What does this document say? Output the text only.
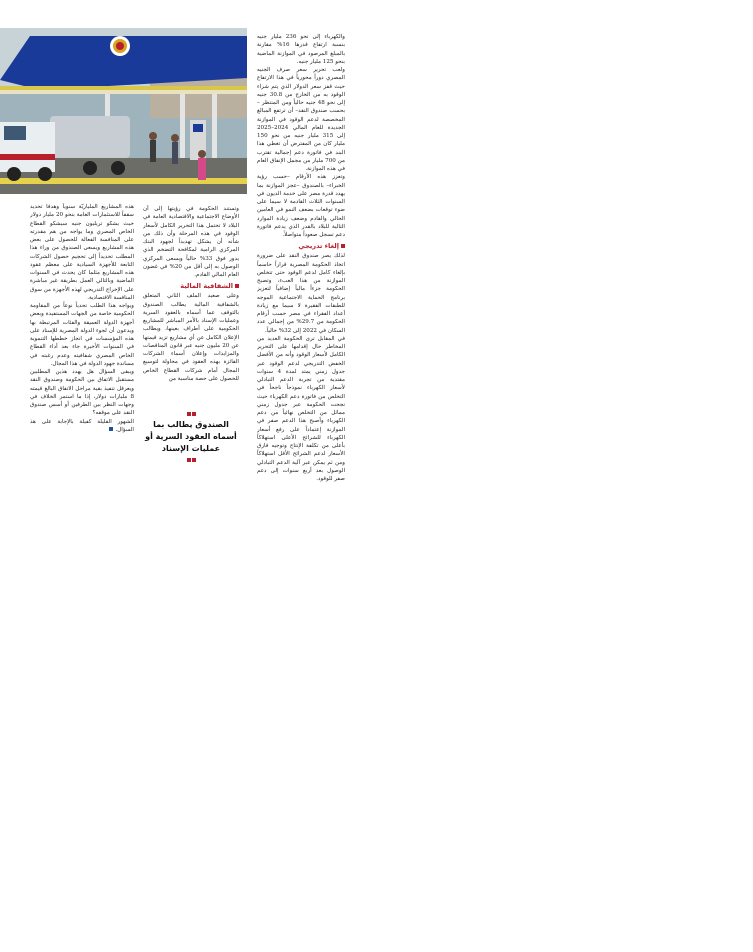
والكهرباء إلى نحو 236 مليار جنيه بنسبة ارتفاع قدرها 16% مقارنة بالمبلغ المرصود في الموازنة الماضية بنحو 125 مليار جنيه.

ولعب تحرير سعر صرف الجنيه المصري دوراً محورياً في هذا الارتفاع حيث قفز سعر الدولار الذي يتم شراء الوقود به من الخارج من 30.8 جنيه إلى نحو 48 جنيه حالياً ومن المنتظر –بحسب صندوق النقد– أن ترتفع المبالغ المخصصة لدعم الوقود في الموازنة الجديدة للعام المالي 2024–2025 إلى 315 مليار جنيه من نحو 150 مليار كان من المفترض أن تغطي هذا البند في فاتورة دعم إجمالية تقترب من 700 مليار من مجمل الإنفاق العام في هذه الموازنة.

وتعزز هذه الأرقام –حسب رؤية الخبراء– بالصندوق –عجز الموازنة بما يهدد قدرة مصر على خدمة الديون في السنوات الثلاث القادمة لا سيما على ضوء توقعات بضعف النمو في العامين الحالي والقادم وضعف زيادة الموارد التالية للبلاد بالقدر الذي يدعم فاتورة دعم تسجل صعوداً متواصلاً.

إلغاء تدريجي

لذلك يصر صندوق النقد على ضرورة اتخاذ الحكومة المصرية قراراً حاسماً بإلغاء كامل لدعم الوقود حتى تتخلص الموازنة من هذا العبء، وتصبح الحكومة جزءاً مالياً إضافياً لتعزيز برنامج الحماية الاجتماعية الموجه للطبقات الفقيرة لا سيما مع زيادة أعداد الفقراء في مصر حسب أرقام الحكومة من 29.7% من إجمالي عدد السكان في 2022 إلى 32% حالياً.

في المقابل ترى الحكومة العديد من المخاطر حال إقدامها على التحرير الكامل لأسعار الوقود وأنه من الأفضل الخفض التدريجي لدعم الوقود عبر جدول زمني يمتد لمدة 4 سنوات مقتدية من تجربة الدعم التبادلي لأسعار الكهرباء نموذجاً ناجحاً في التخلص من فاتورة دعم الكهرباء حيث نجحت الحكومة عبر جدول زمني مماثل من التخلص نهائياً من دعم الكهرباء وأصبح هذا الدعم صفر في الموازنة إعتماداً على رفع أسعار الكهرباء للشرائح الأعلى استهلاكاً بأعلى من تكلفة الإنتاج وتوجيه فارق الأسعار لدعم الشرائح الأقل استهلاكاً ومن ثم يمكن عبر آلية الدعم التبادلي الوصول بعد أربع سنوات إلى دعم صفر للوقود.

وتستند الحكومة في رؤيتها إلى أن الأوضاع الاجتماعية والاقتصادية العامة في البلاد لا تحتمل هذا التحرير الكامل لأسعار الوقود في هذه المرحلة وأن ذلك من شأنه أن يشكل تهديداً لجهود البنك المركزي الرامية لمكافحة التضخم الذي يدور فوق 33% حالياً ويسعى المركزي الوصول به إلى أقل من 20% في غضون العام المالي القادم.

الشفافية المالية

وعلى صعيد الملف الثاني المتعلق بالشفافية المالية يطالب الصندوق بالتوقف عما أسماه بالعقود السرية وعمليات الإسناد بالأمر المباشر للمشاريع الحكومية على أطراف بعينها، ويطالب الإعلان الكامل عن أي مشاريع تزيد قيمتها عن 20 مليون جنيه عبر قانون المناقصات والمزايدات وإعلان أسماء الشركات الفائزة بهذه العقود في محاولة لتوسيع المجال أمام شركات القطاع الخاص للحصول على حصة مناسبة من

الصندوق يطالب بما أسماه العقود السرية أو عمليات الإسناد

هذه المشاريع الملياريّة سنوياً وهدفا تحديد سقفاً للاستثمارات العامة بنحو 20 مليار دولار حيث يشكو تريليون جنيه سيشكو القطاع الخاص المصري وما يواجه من هم مقدرته على المنافسة الفعالة للحصول على بعض هذه المشاريع ويسعى الصندوق من وراء هذا المطلب تحديداً إلى تحجيم حصول الشركات التابعة للأجهزة السيادية على معظم عقود هذه المشاريع مثلما كان يحدث في السنوات الماضية وبالتالي العمل بطريقة غير مباشرة على الإخراج التدريجي لهذه الأجهزة من سوق المنافسة الاقتصادية.

ويواجه هذا الطلب تحدياً نوعاً من المقاومة الحكومية خاصة من الجهات المستفيدة وبعض أجهزة الدولة العميقة والفئات المرتبطة بها ويدعون أن لجوء الدولة المصرية للإسناد على هذه المؤسسات في انجاز خططها التنموية في السنوات الأخيرة جاء بعد أداء القطاع الخاص المصري شفافيته وعدم رغبته في مساندة جهود الدولة في هذا المجال.

ويبقى السؤال هل يهدد هذين المطلبين مستقبل الاتفاق بين الحكومة وصندوق النقد ويعرقل تنفيذ بقية مراحل الاتفاق البالغ قيمته 8 مليارات دولار، إذا ما استمر الخلاف في وجهات النظر بين الطرفين أو أسس صندوق النقد على موقفه؟

الشهور القليلة كفيلة بالإجابة على هذ السؤال.
